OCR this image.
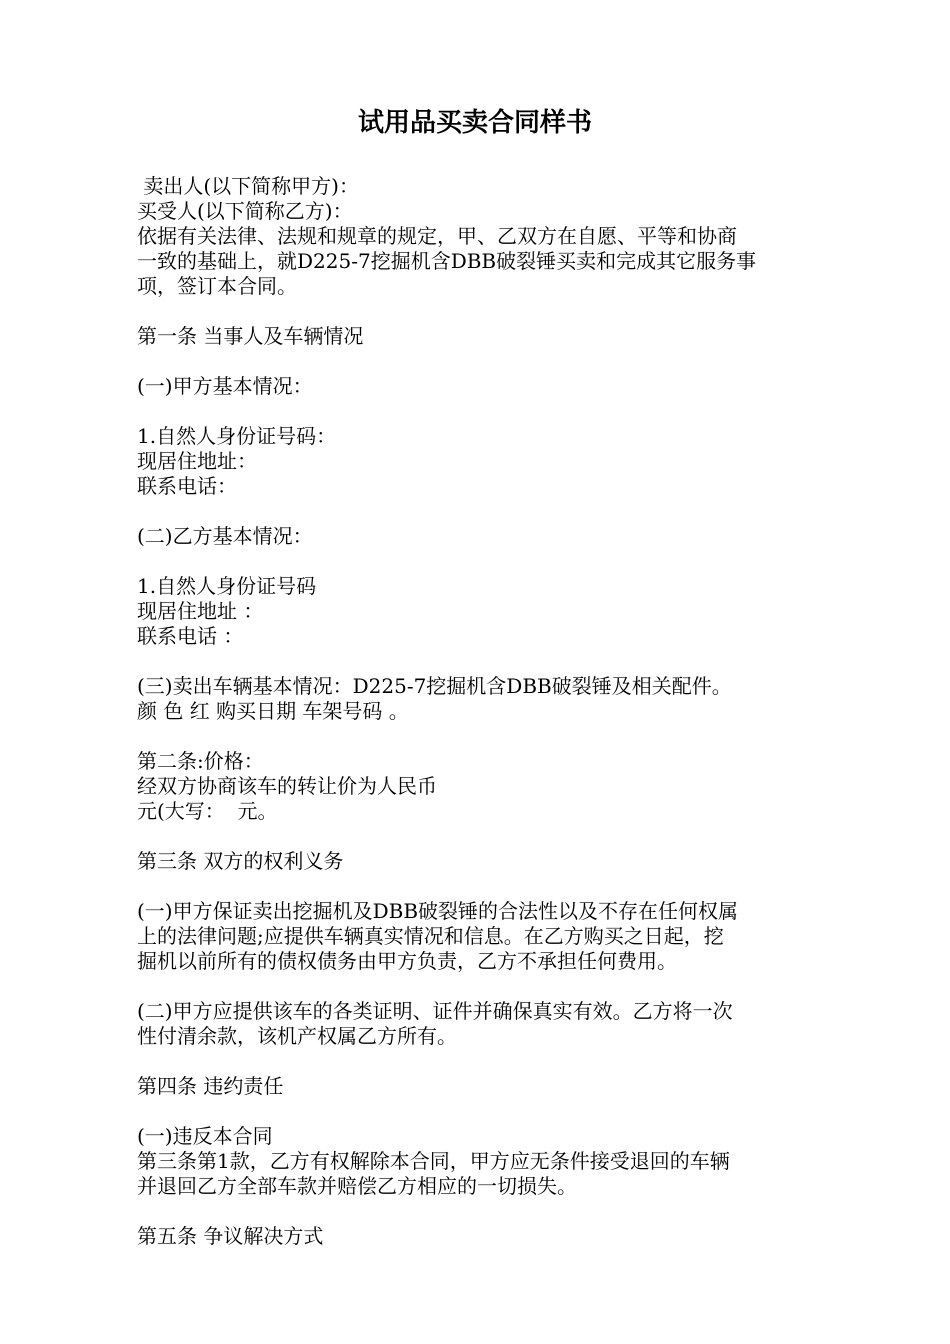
试用品买卖合同样书
卖出人(以下简称甲方)：
买受人(以下简称乙方)：
依据有关法律、法规和规章的规定，甲、乙双方在自愿、平等和协商
一致的基础上，就D225-7挖掘机含DBB破裂锤买卖和完成其它服务事
项，签订本合同。
第一条 当事人及车辆情况
(一)甲方基本情况：
1.自然人身份证号码：
现居住地址：
联系电话：
(二)乙方基本情况：
1.自然人身份证号码
现居住地址 ：
联系电话 ：
(三)卖出车辆基本情况：D225-7挖掘机含DBB破裂锤及相关配件。
颜 色 红 购买日期 车架号码 。
第二条:价格：
经双方协商该车的转让价为人民币
元(大写：  元。
第三条 双方的权利义务
(一)甲方保证卖出挖掘机及DBB破裂锤的合法性以及不存在任何权属
上的法律问题;应提供车辆真实情况和信息。在乙方购买之日起，挖
掘机以前所有的债权债务由甲方负责，乙方不承担任何费用。
(二)甲方应提供该车的各类证明、证件并确保真实有效。乙方将一次
性付清余款，该机产权属乙方所有。
第四条 违约责任
(一)违反本合同
第三条第1款，乙方有权解除本合同，甲方应无条件接受退回的车辆
并退回乙方全部车款并赔偿乙方相应的一切损失。
第五条 争议解决方式
